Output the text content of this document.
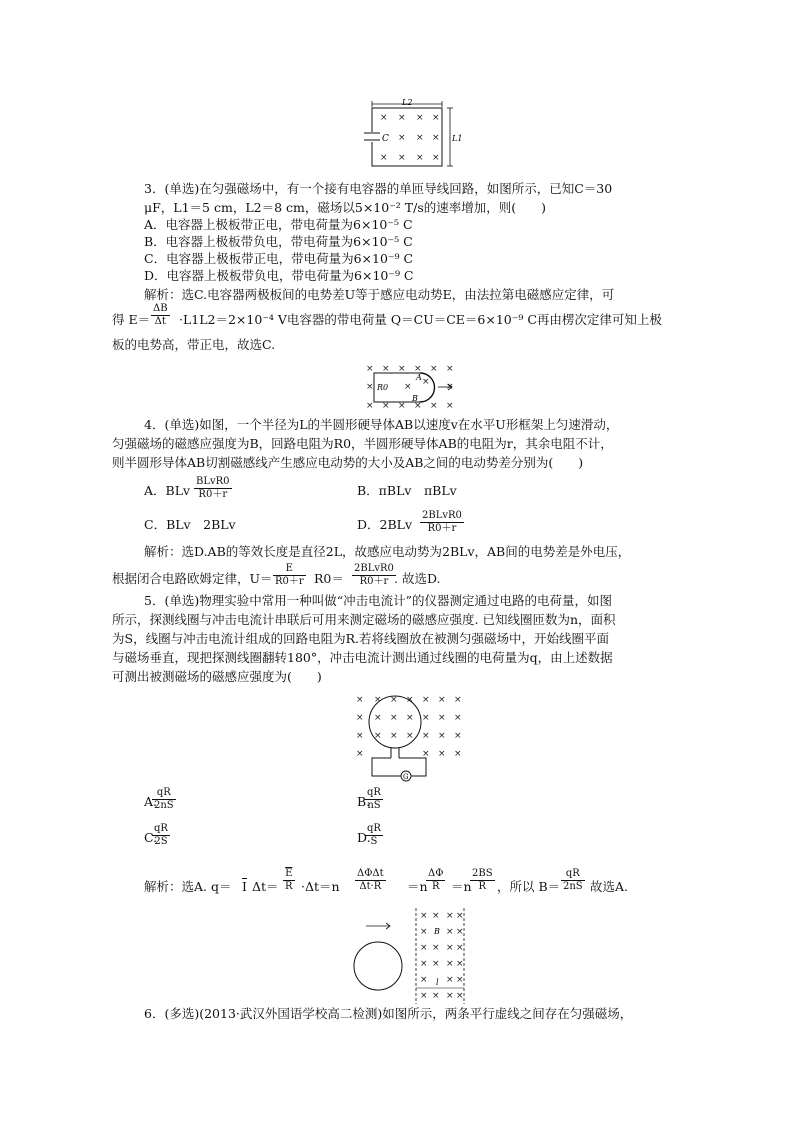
L2
L1
C
× × × ×
× × ×
× × × ×
3．(单选)在匀强磁场中，有一个接有电容器的单匝导线回路，如图所示，已知C＝30
μF，L1＝5 cm，L2＝8 cm，磁场以5×10⁻² T/s的速率增加，则(　　)
A．电容器上极板带正电，带电荷量为6×10⁻⁵ C
B．电容器上极板带负电，带电荷量为6×10⁻⁵ C
C．电容器上极板带正电，带电荷量为6×10⁻⁹ C
D．电容器上极板带负电，带电荷量为6×10⁻⁹ C
解析：选C.电容器两极板间的电势差U等于感应电动势E，由法拉第电磁感应定律，可
得 $E= \frac{\Delta B}{\Delta t} \cdot L1L2=2\times 10^{-4}$ V电容器的带电荷量 Q＝CU＝CE＝6×10⁻⁹ C再由楞次定律可知上极
板的电势高，带正电，故选C.
× × × × × ×
×	× × ×
× × × × × ×
R0
A
B
4．(单选)如图，一个半径为L的半圆形硬导体AB以速度v在水平U形框架上匀速滑动，
匀强磁场的磁感应强度为B，回路电阻为R0，半圆形硬导体AB的电阻为r，其余电阻不计，
则半圆形导体AB切割磁感线产生感应电动势的大小及AB之间的电动势差分别为(　　)
A．BLv
BLvR0
R0＋r	B．πBLv　πBLv
C．BLv　2BLv	D．2BLv
2BLvR0
R0＋r
解析：选D.AB的等效长度是直径2L，故感应电动势为2BLv，AB间的电势差是外电压，
根据闭合电路欧姆定律，$U= \frac{E}{R0+r} R0=$
2BLvR0
R0＋r . 故选D.
5．(单选)物理实验中常用一种叫做“冲击电流计”的仪器测定通过电路的电荷量，如图
所示，探测线圈与冲击电流计串联后可用来测定磁场的磁感应强度. 已知线圈匝数为n，面积
为S，线圈与冲击电流计组成的回路电阻为R.若将线圈放在被测匀强磁场中，开始线圈平面
与磁场垂直，现把探测线圈翻转180°，冲击电流计测出通过线圈的电荷量为q，由上述数据
可测出被测磁场的磁感应强度为(　　)
× × × × × × ×
× × × × × × ×
× × × × × × ×
×	× × ×
G
A.
$\frac{qR}{2nS}$	B.
$\frac{qR}{nS}$
C.
$\frac{qR}{2S}$	D.
$\frac{qR}{S}$
解析：选A. $q= \overline{I}$ $\Delta t= \frac{\overline{E}}{R} \cdot\Delta t=n$
ΔΦΔt
Δt·R	＝n
$\frac{\Delta\Phi}{R} =n$
$\frac{2BS}{R}$ ，所以 $B= \frac{qR}{2nS}$ 故选A.
× × × ×
× × ×
× × × ×
× × × ×
× × ×
× × × ×
B
l
6．(多选)(2013·武汉外国语学校高二检测)如图所示，两条平行虚线之间存在匀强磁场，
